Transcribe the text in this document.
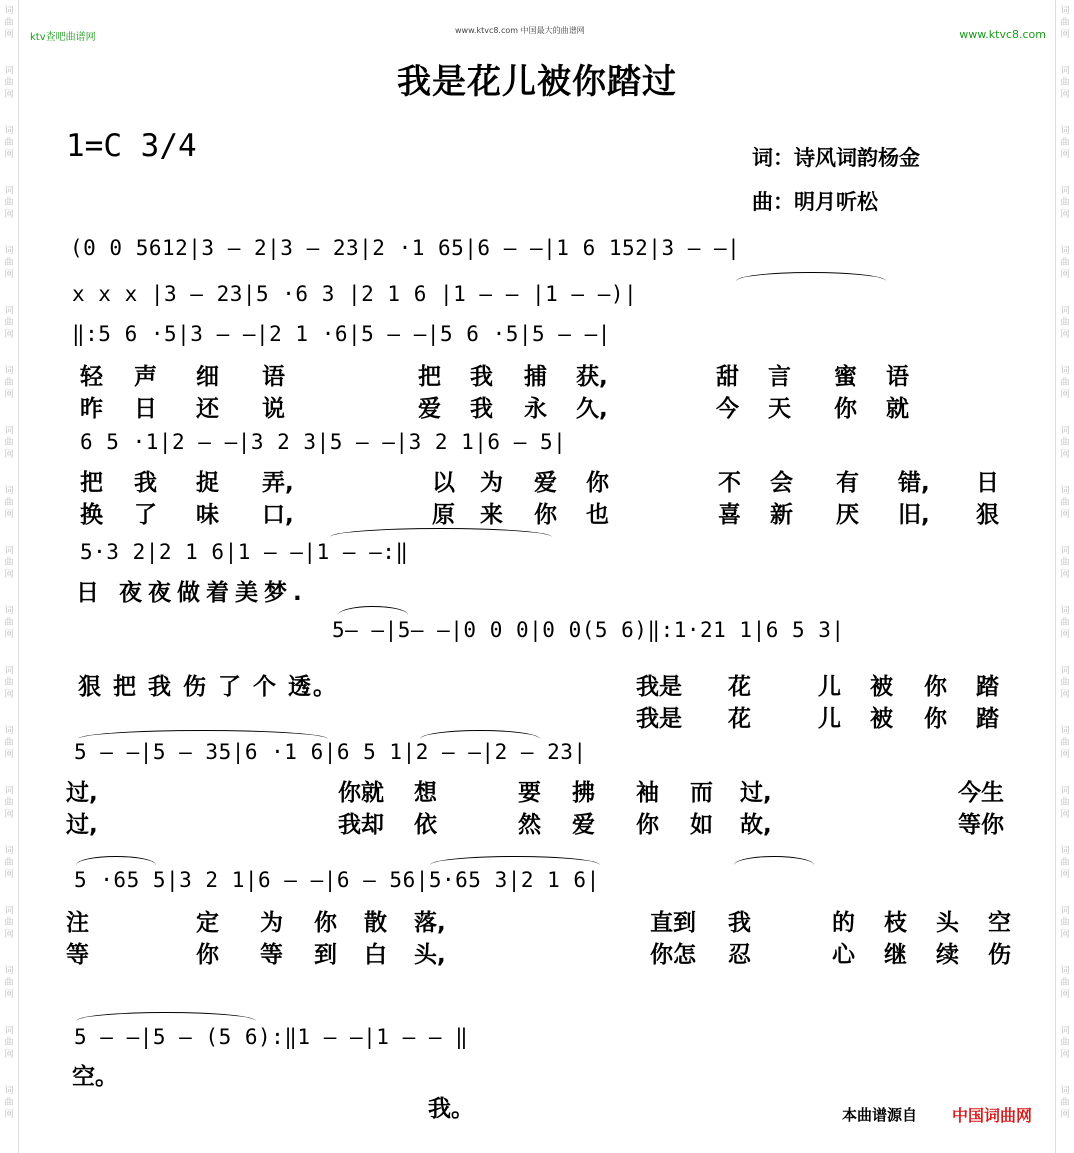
词
曲
网
词
曲
网
词
曲
网
词
曲
网
词
曲
网
词
曲
网
词
曲
网
词
曲
网
词
曲
网
词
曲
网
词
曲
网
词
曲
网
词
曲
网
词
曲
网
词
曲
网
词
曲
网
词
曲
网
词
曲
网
词
曲
网
词
曲
网
词
曲
网
词
曲
网
词
曲
网
词
曲
网
词
曲
网
词
曲
网
词
曲
网
词
曲
网
词
曲
网
词
曲
网
词
曲
网
词
曲
网
词
曲
网
词
曲
网
词
曲
网
词
曲
网
词
曲
网
词
曲
网
ktv查吧曲谱网
www.ktvc8.com 中国最大的曲谱网	www.ktvc8.com
我是花儿被你踏过
1=C 3/4	词：诗风词韵杨金
曲：明月听松
(0 0 5612|3 – 2|3 – 23|2 ·1 65|6 – –|1 6 152|3 – –|
x x x |3 – 23|5 ·6 3 |2 1 6 |1 – – |1 – –)|
‖:5 6 ·5|3 – –|2 1 ·6|5 – –|5 6 ·5|5 – –|
6 5 ·1|2 – –|3 2 3|5 – –|3 2 1|6 – 5|
5·3 2|2 1 6|1 – –|1 – –:‖
5– –|5– –|0 0 0|0 0(5 6)‖:1·21 1|6 5 3|
5 – –|5 – 35|6 ·1 6|6 5 1|2 – –|2 – 23|
5 ·65 5|3 2 1|6 – –|6 – 56|5·65 3|2 1 6|
5 – –|5 – (5 6):‖1 – –|1 – – ‖
日 夜夜做着美梦.
狠 把 我 伤 了 个 透。
空。
我。	本曲谱源自 中国词曲网
轻 声 细 语	把 我 捕 获,	甜 言 蜜 语
昨 日 还 说	爱 我 永 久,	今 天 你 就
把 我 捉 弄,	以 为 爱 你	不 会 有 错, 日
换 了 味 口,	原 来 你 也	喜 新 厌 旧, 狠
我是 花	儿 被 你 踏
我是 花	儿 被 你 踏
过,	你就 想	要 拂 袖 而 过,	今生
过,	我却 依	然 爱 你 如 故,	等你
注	定 为 你 散 落,	直到 我	的 枝 头 空
等	你 等 到 白 头,	你怎 忍	心 继 续 伤
